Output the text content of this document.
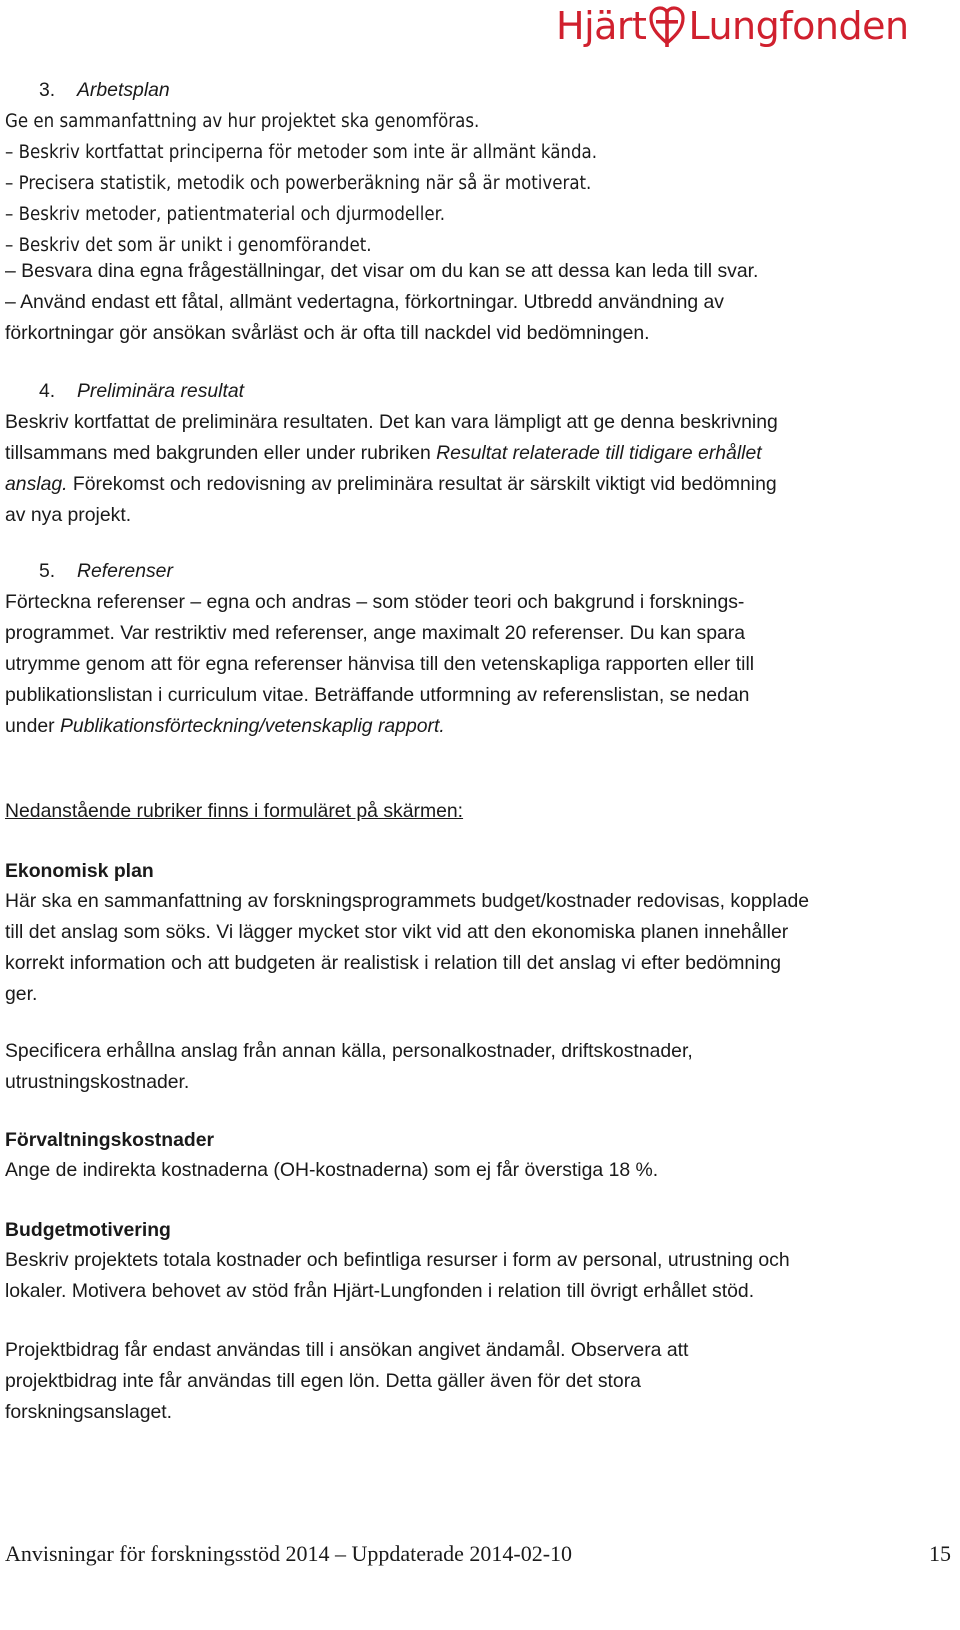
Hjärt Lungfonden
3. Arbetsplan
Ge en sammanfattning av hur projektet ska genomföras.
– Beskriv kortfattat principerna för metoder som inte är allmänt kända.
– Precisera statistik, metodik och powerberäkning när så är motiverat.
– Beskriv metoder, patientmaterial och djurmodeller.
– Beskriv det som är unikt i genomförandet.
– Besvara dina egna frågeställningar, det visar om du kan se att dessa kan leda till svar.
– Använd endast ett fåtal, allmänt vedertagna, förkortningar. Utbredd användning av
förkortningar gör ansökan svårläst och är ofta till nackdel vid bedömningen.
4. Preliminära resultat
Beskriv kortfattat de preliminära resultaten. Det kan vara lämpligt att ge denna beskrivning
tillsammans med bakgrunden eller under rubriken Resultat relaterade till tidigare erhållet
anslag. Förekomst och redovisning av preliminära resultat är särskilt viktigt vid bedömning
av nya projekt.
5. Referenser
Förteckna referenser – egna och andras – som stöder teori och bakgrund i forsknings-
programmet. Var restriktiv med referenser, ange maximalt 20 referenser. Du kan spara
utrymme genom att för egna referenser hänvisa till den vetenskapliga rapporten eller till
publikationslistan i curriculum vitae. Beträffande utformning av referenslistan, se nedan
under Publikationsförteckning/vetenskaplig rapport.
Nedanstående rubriker finns i formuläret på skärmen:
Ekonomisk plan
Här ska en sammanfattning av forskningsprogrammets budget/kostnader redovisas, kopplade
till det anslag som söks. Vi lägger mycket stor vikt vid att den ekonomiska planen innehåller
korrekt information och att budgeten är realistisk i relation till det anslag vi efter bedömning
ger.
Specificera erhållna anslag från annan källa, personalkostnader, driftskostnader,
utrustningskostnader.
Förvaltningskostnader
Ange de indirekta kostnaderna (OH-kostnaderna) som ej får överstiga 18 %.
Budgetmotivering
Beskriv projektets totala kostnader och befintliga resurser i form av personal, utrustning och
lokaler. Motivera behovet av stöd från Hjärt-Lungfonden i relation till övrigt erhållet stöd.
Projektbidrag får endast användas till i ansökan angivet ändamål. Observera att
projektbidrag inte får användas till egen lön. Detta gäller även för det stora
forskningsanslaget.
Anvisningar för forskningsstöd 2014 – Uppdaterade 2014-02-10	15
